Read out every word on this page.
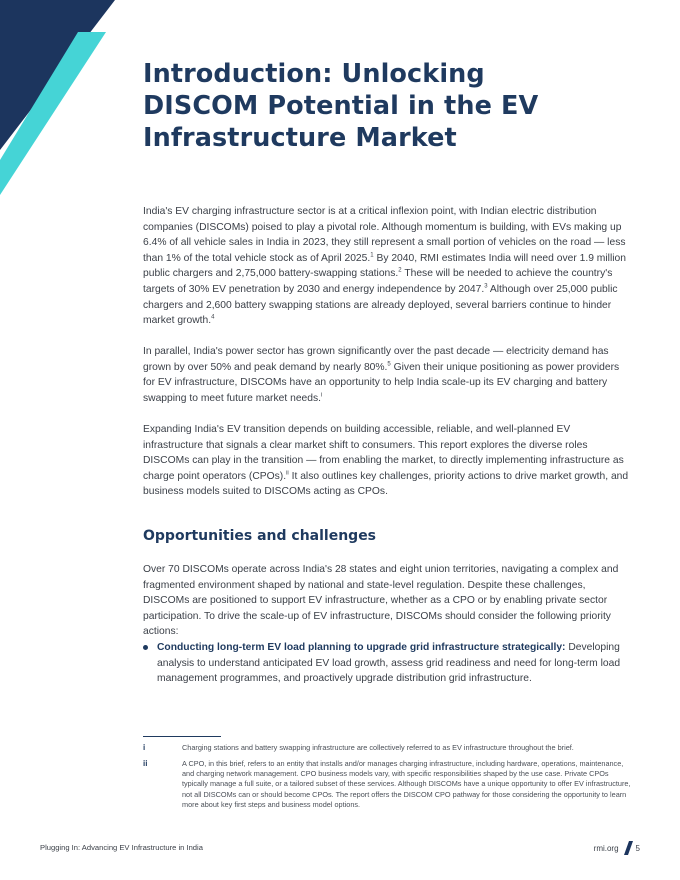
Introduction: Unlocking DISCOM Potential in the EV Infrastructure Market

India's EV charging infrastructure sector is at a critical inflexion point, with Indian electric distribution companies (DISCOMs) poised to play a pivotal role. Although momentum is building, with EVs making up 6.4% of all vehicle sales in India in 2023, they still represent a small portion of vehicles on the road — less than 1% of the total vehicle stock as of April 2025.$^1$ By 2040, RMI estimates India will need over 1.9 million public chargers and 2,75,000 battery-swapping stations.$^2$ These will be needed to achieve the country's targets of 30% EV penetration by 2030 and energy independence by 2047.$^3$ Although over 25,000 public chargers and 2,600 battery swapping stations are already deployed, several barriers continue to hinder market growth.$^4$

In parallel, India's power sector has grown significantly over the past decade — electricity demand has grown by over 50% and peak demand by nearly 80%.$^5$ Given their unique positioning as power providers for EV infrastructure, DISCOMs have an opportunity to help India scale-up its EV charging and battery swapping to meet future market needs.$^i$

Expanding India's EV transition depends on building accessible, reliable, and well-planned EV infrastructure that signals a clear market shift to consumers. This report explores the diverse roles DISCOMs can play in the transition — from enabling the market, to directly implementing infrastructure as charge point operators (CPOs).$^{ii}$ It also outlines key challenges, priority actions to drive market growth, and business models suited to DISCOMs acting as CPOs.

Opportunities and challenges

Over 70 DISCOMs operate across India's 28 states and eight union territories, navigating a complex and fragmented environment shaped by national and state-level regulation. Despite these challenges, DISCOMs are positioned to support EV infrastructure, whether as a CPO or by enabling private sector participation. To drive the scale-up of EV infrastructure, DISCOMs should consider the following priority actions:

Conducting long-term EV load planning to upgrade grid infrastructure strategically: Developing analysis to understand anticipated EV load growth, assess grid readiness and need for long-term load management programmes, and proactively upgrade distribution grid infrastructure.
i	Charging stations and battery swapping infrastructure are collectively referred to as EV infrastructure throughout the brief.
ii	A CPO, in this brief, refers to an entity that installs and/or manages charging infrastructure, including hardware, operations, maintenance, and charging network management. CPO business models vary, with specific responsibilities shaped by the use case. Private CPOs typically manage a full suite, or a tailored subset of these services. Although DISCOMs have a unique opportunity to offer EV infrastructure, not all DISCOMs can or should become CPOs. The report offers the DISCOM CPO pathway for those considering the opportunity to learn more about key first steps and business model options.
Plugging In: Advancing EV Infrastructure in India	rmi.org 5
